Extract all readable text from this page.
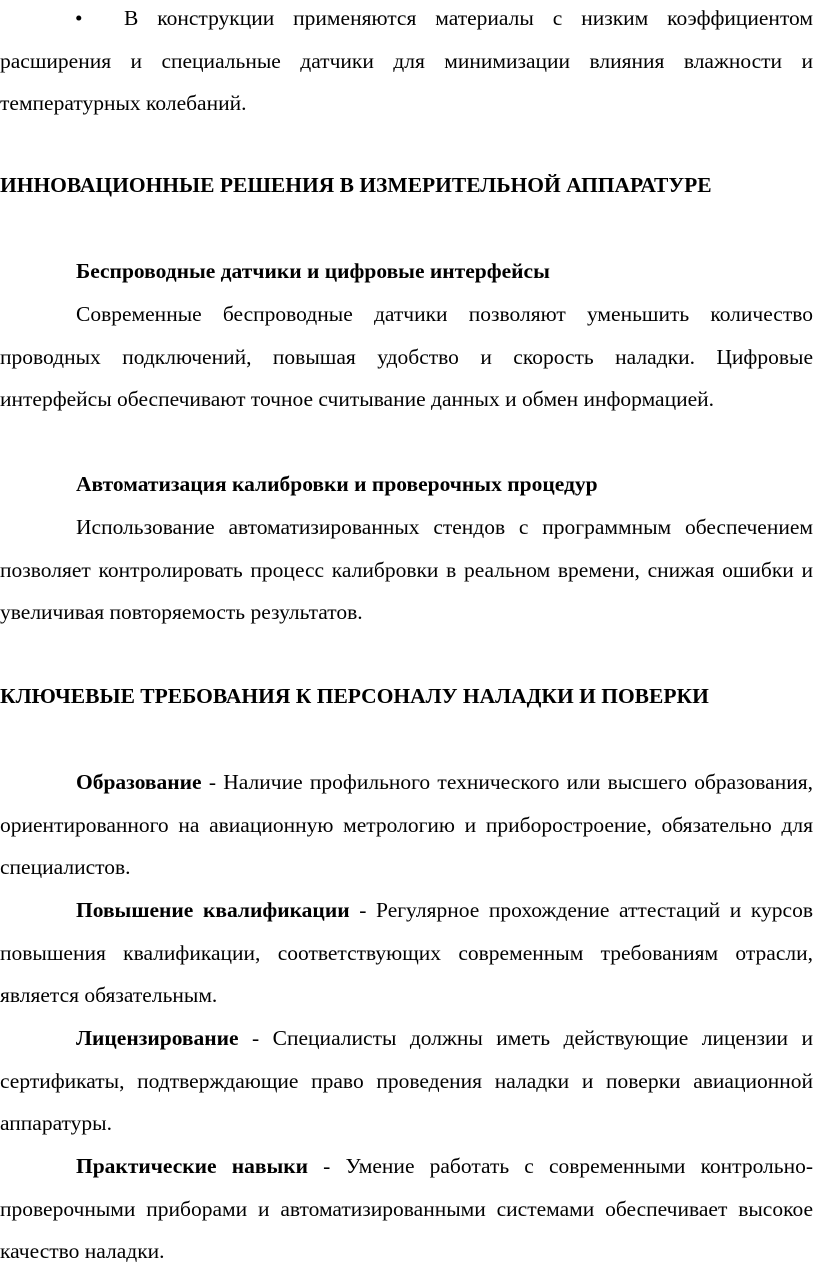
•	В конструкции применяются материалы с низким коэффициентом расширения и специальные датчики для минимизации влияния влажности и температурных колебаний.
ИННОВАЦИОННЫЕ РЕШЕНИЯ В ИЗМЕРИТЕЛЬНОЙ АППАРАТУРЕ
Беспроводные датчики и цифровые интерфейсы

Современные беспроводные датчики позволяют уменьшить количество проводных подключений, повышая удобство и скорость наладки. Цифровые интерфейсы обеспечивают точное считывание данных и обмен информацией.

Автоматизация калибровки и проверочных процедур

Использование автоматизированных стендов с программным обеспечением позволяет контролировать процесс калибровки в реальном времени, снижая ошибки и увеличивая повторяемость результатов.

КЛЮЧЕВЫЕ ТРЕБОВАНИЯ К ПЕРСОНАЛУ НАЛАДКИ И ПОВЕРКИ

Образование - Наличие профильного технического или высшего образования, ориентированного на авиационную метрологию и приборостроение, обязательно для специалистов.

Повышение квалификации - Регулярное прохождение аттестаций и курсов повышения квалификации, соответствующих современным требованиям отрасли, является обязательным.

Лицензирование - Специалисты должны иметь действующие лицензии и сертификаты, подтверждающие право проведения наладки и поверки авиационной аппаратуры.

Практические навыки - Умение работать с современными контрольно-проверочными приборами и автоматизированными системами обеспечивает высокое качество наладки.
